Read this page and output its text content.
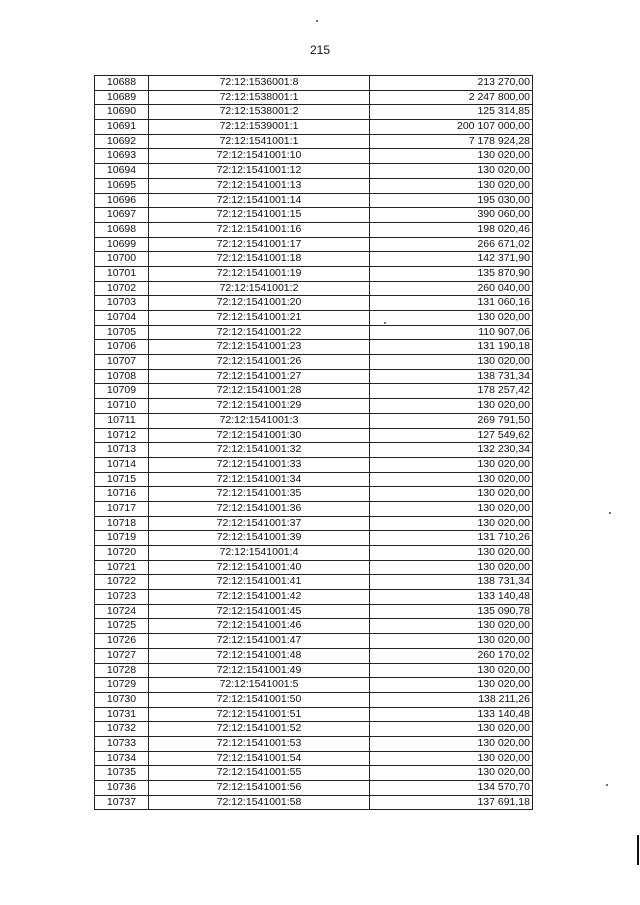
215
10688	72:12:1536001:8	213 270,00
10689	72:12:1538001:1	2 247 800,00
10690	72:12:1538001:2	125 314,85
10691	72:12:1539001:1	200 107 000,00
10692	72:12:1541001:1	7 178 924,28
10693	72:12:1541001:10	130 020,00
10694	72:12:1541001:12	130 020,00
10695	72:12:1541001:13	130 020,00
10696	72:12:1541001:14	195 030,00
10697	72:12:1541001:15	390 060,00
10698	72:12:1541001:16	198 020,46
10699	72:12:1541001:17	266 671,02
10700	72:12:1541001:18	142 371,90
10701	72:12:1541001:19	135 870,90
10702	72:12:1541001:2	260 040,00
10703	72:12:1541001:20	131 060,16
10704	72:12:1541001:21	130 020,00
10705	72:12:1541001:22	110 907,06
10706	72:12:1541001:23	131 190,18
10707	72:12:1541001:26	130 020,00
10708	72:12:1541001:27	138 731,34
10709	72:12:1541001:28	178 257,42
10710	72:12:1541001:29	130 020,00
10711	72:12:1541001:3	269 791,50
10712	72:12:1541001:30	127 549,62
10713	72:12:1541001:32	132 230,34
10714	72:12:1541001:33	130 020,00
10715	72:12:1541001:34	130 020,00
10716	72:12:1541001:35	130 020,00
10717	72:12:1541001:36	130 020,00
10718	72:12:1541001:37	130 020,00
10719	72:12:1541001:39	131 710,26
10720	72:12:1541001:4	130 020,00
10721	72:12:1541001:40	130 020,00
10722	72:12:1541001:41	138 731,34
10723	72:12:1541001:42	133 140,48
10724	72:12:1541001:45	135 090,78
10725	72:12:1541001:46	130 020,00
10726	72:12:1541001:47	130 020,00
10727	72:12:1541001:48	260 170,02
10728	72:12:1541001:49	130 020,00
10729	72:12:1541001:5	130 020,00
10730	72:12:1541001:50	138 211,26
10731	72:12:1541001:51	133 140,48
10732	72:12:1541001:52	130 020,00
10733	72:12:1541001:53	130 020,00
10734	72:12:1541001:54	130 020,00
10735	72:12:1541001:55	130 020,00
10736	72:12:1541001:56	134 570,70
10737	72:12:1541001:58	137 691,18
